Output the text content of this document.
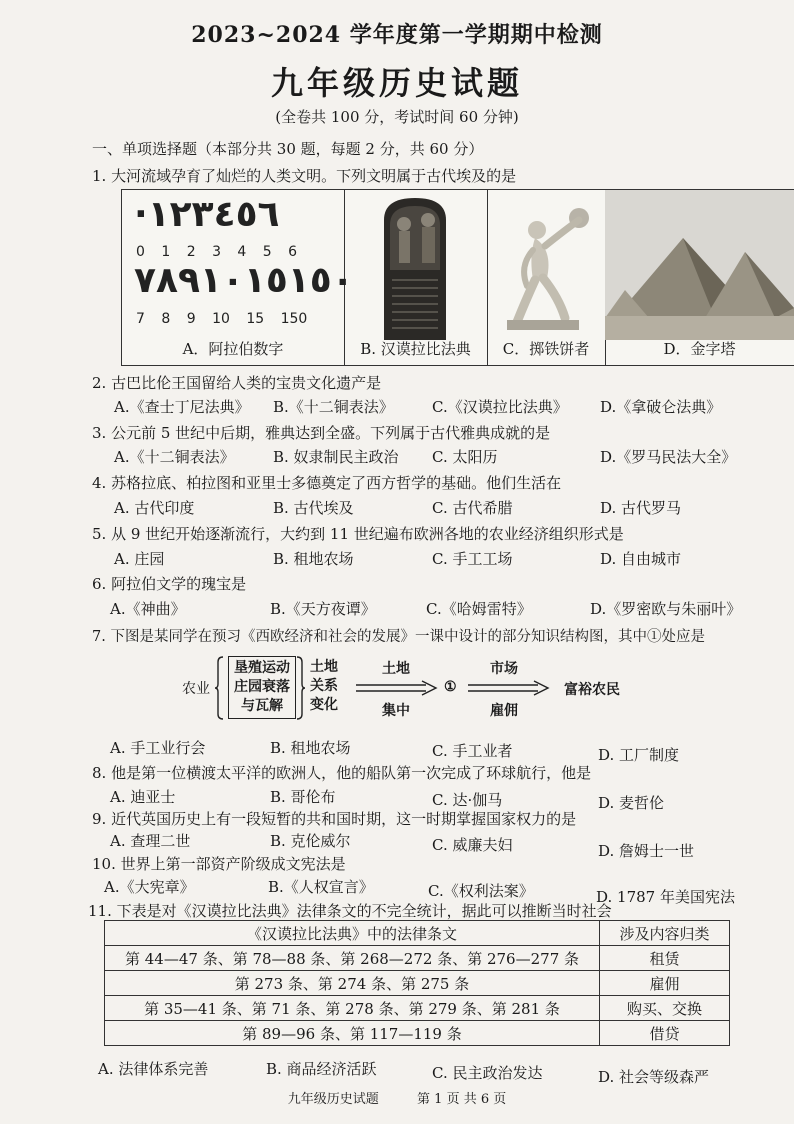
2023~2024 学年度第一学期期中检测
九年级历史试题
(全卷共 100 分，考试时间 60 分钟)
一、单项选择题（本部分共 30 题，每题 2 分，共 60 分）
1. 大河流域孕育了灿烂的人类文明。下列文明属于古代埃及的是
·١٢٣٤٥٦
0 1 2 3 4 5 6
٧٨٩١٠١٥١٥٠
7 8 9 10 15 150
A．阿拉伯数字	B. 汉谟拉比法典	C．掷铁饼者	D．金字塔
2. 古巴比伦王国留给人类的宝贵文化遗产是
A.《查士丁尼法典》 B.《十二铜表法》	C.《汉谟拉比法典》 D.《拿破仑法典》
3. 公元前 5 世纪中后期，雅典达到全盛。下列属于古代雅典成就的是
A.《十二铜表法》	B. 奴隶制民主政治 C. 太阳历	D.《罗马民法大全》
4. 苏格拉底、柏拉图和亚里士多德奠定了西方哲学的基础。他们生活在
A. 古代印度	B. 古代埃及	C. 古代希腊	D. 古代罗马
5. 从 9 世纪开始逐渐流行，大约到 11 世纪遍布欧洲各地的农业经济组织形式是
A. 庄园	B. 租地农场	C. 手工工场	D. 自由城市
6. 阿拉伯文学的瑰宝是
A.《神曲》	B.《天方夜谭》	C.《哈姆雷特》	D.《罗密欧与朱丽叶》
7. 下图是某同学在预习《西欧经济和社会的发展》一课中设计的部分知识结构图，其中①处应是
农业
垦殖运动
庄园衰落
与瓦解
土地
关系
变化
土地
集中
①
市场
雇佣
富裕农民
A. 手工业行会	B. 租地农场	C. 手工业者	D. 工厂制度
8. 他是第一位横渡太平洋的欧洲人，他的船队第一次完成了环球航行，他是
A. 迪亚士	B. 哥伦布	C. 达·伽马	D. 麦哲伦
9. 近代英国历史上有一段短暂的共和国时期，这一时期掌握国家权力的是
A. 查理二世	B. 克伦威尔	C. 威廉夫妇	D. 詹姆士一世
10. 世界上第一部资产阶级成文宪法是
A.《大宪章》	B.《人权宣言》	C.《权利法案》	D. 1787 年美国宪法
11. 下表是对《汉谟拉比法典》法律条文的不完全统计，据此可以推断当时社会
《汉谟拉比法典》中的法律条文	涉及内容归类
第 44—47 条、第 78—88 条、第 268—272 条、第 276—277 条	租赁
第 273 条、第 274 条、第 275 条	雇佣
第 35—41 条、第 71 条、第 278 条、第 279 条、第 281 条	购买、交换
第 89—96 条、第 117—119 条	借贷
A. 法律体系完善	B. 商品经济活跃	C. 民主政治发达	D. 社会等级森严
九年级历史试题	第 1 页 共 6 页
